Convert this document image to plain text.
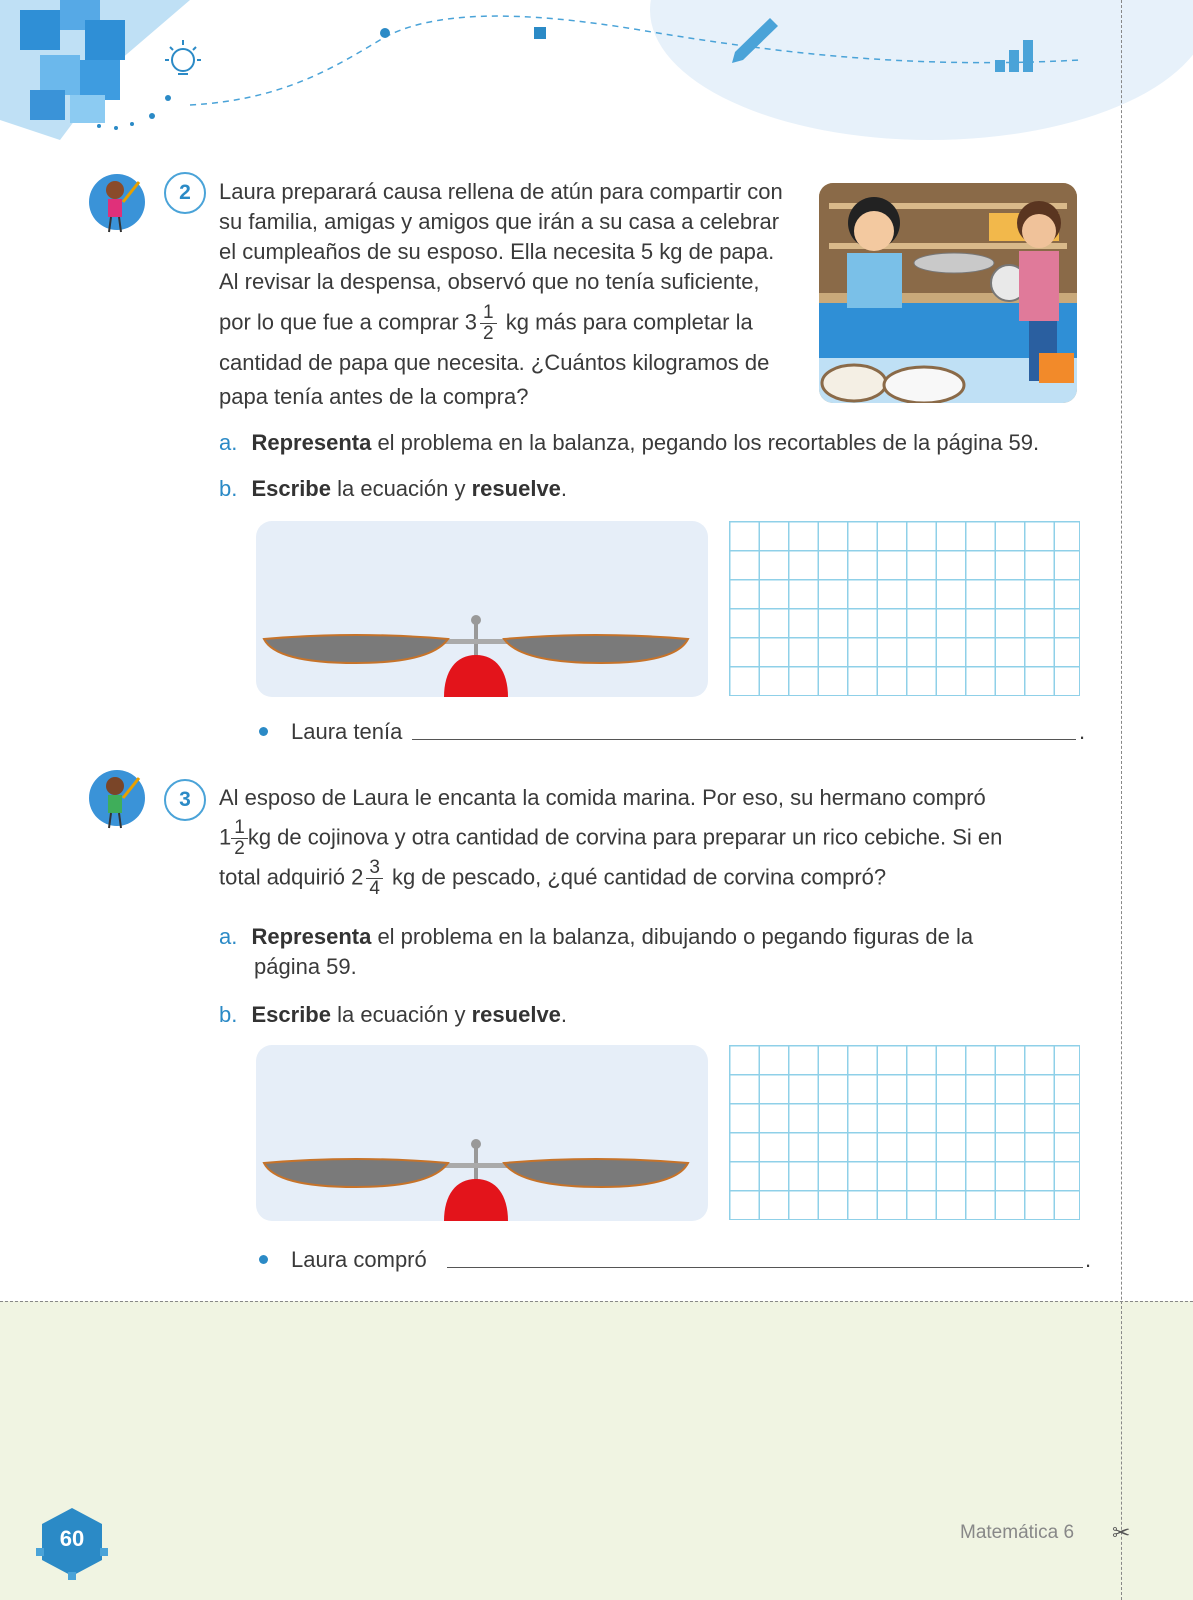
2	Laura preparará causa rellena de atún para compartir con
su familia, amigas y amigos que irán a su casa a celebrar
el cumpleaños de su esposo. Ella necesita 5 kg de papa.
Al revisar la despensa, observó que no tenía suficiente,
por lo que fue a comprar $3 \frac{1}{2}$ kg más para completar la
cantidad de papa que necesita. ¿Cuántos kilogramos de
papa tenía antes de la compra?
a. Representa el problema en la balanza, pegando los recortables de la página 59.
b. Escribe la ecuación y resuelve.
Laura tenía	.
3	Al esposo de Laura le encanta la comida marina. Por eso, su hermano compró
$1 \frac{1}{2}$ kg de cojinova y otra cantidad de corvina para preparar un rico cebiche. Si en
total adquirió $2 \frac{3}{4}$ kg de pescado, ¿qué cantidad de corvina compró?
a. Representa el problema en la balanza, dibujando o pegando figuras de la
página 59.
b. Escribe la ecuación y resuelve.
Laura compró	.
60	Matemática 6 ✂
